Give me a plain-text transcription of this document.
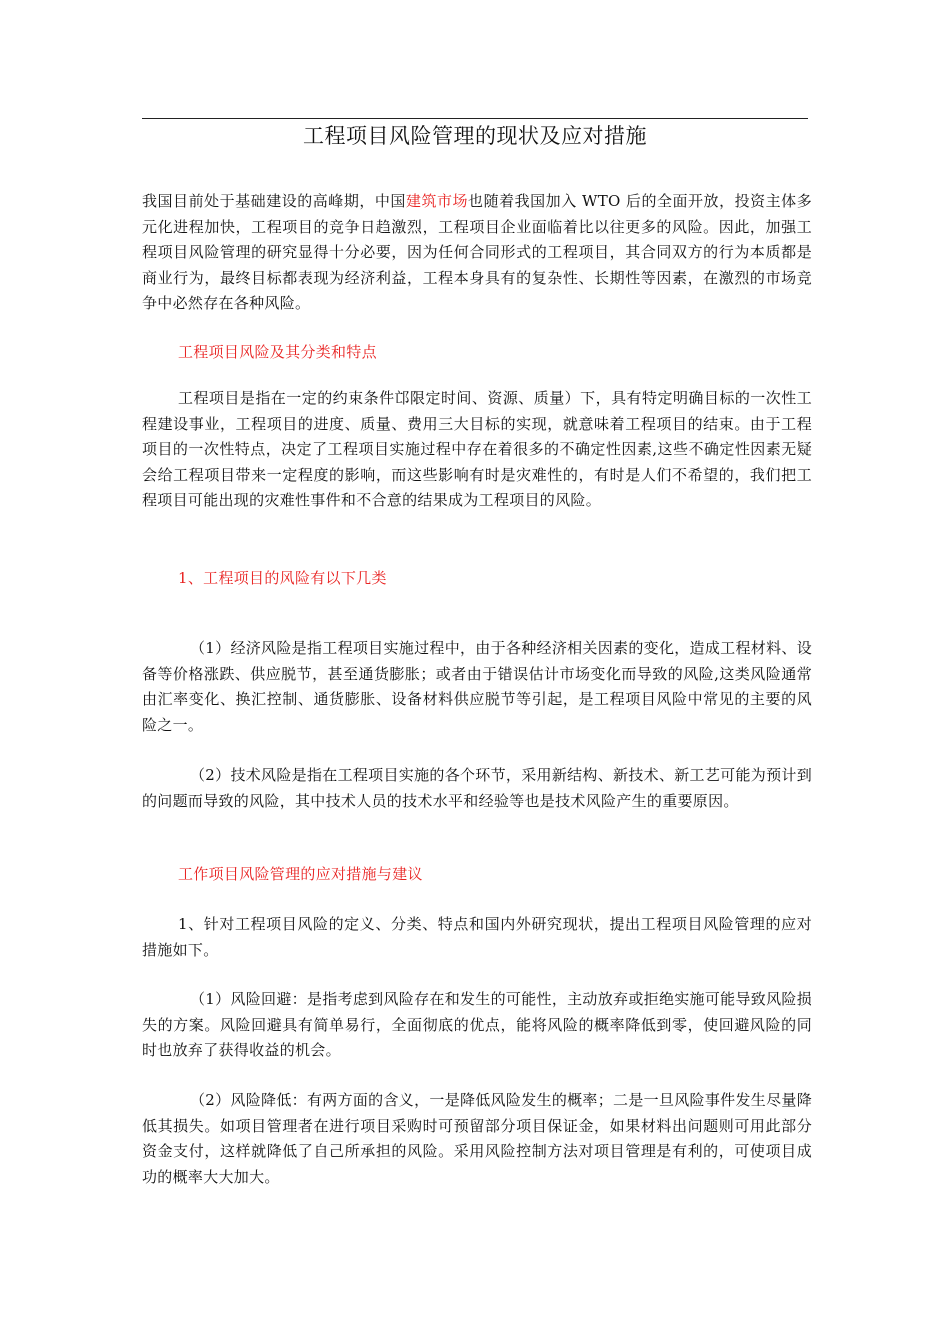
工程项目风险管理的现状及应对措施

我国目前处于基础建设的高峰期，中国建筑市场也随着我国加入 WTO 后的全面开放，投资主体多元化进程加快，工程项目的竞争日趋激烈，工程项目企业面临着比以往更多的风险。因此，加强工程项目风险管理的研究显得十分必要，因为任何合同形式的工程项目，其合同双方的行为本质都是商业行为，最终目标都表现为经济利益，工程本身具有的复杂性、长期性等因素，在激烈的市场竞争中必然存在各种风险。

工程项目风险及其分类和特点

工程项目是指在一定的约束条件邙限定时间、资源、质量）下，具有特定明确目标的一次性工程建设事业，工程项目的进度、质量、费用三大目标的实现，就意味着工程项目的结束。由于工程项目的一次性特点，决定了工程项目实施过程中存在着很多的不确定性因素,这些不确定性因素无疑会给工程项目带来一定程度的影响，而这些影响有时是灾难性的，有时是人们不希望的，我们把工程项目可能出现的灾难性事件和不合意的结果成为工程项目的风险。

1、工程项目的风险有以下几类

（1）经济风险是指工程项目实施过程中，由于各种经济相关因素的变化，造成工程材料、设备等价格涨跌、供应脱节，甚至通货膨胀；或者由于错误估计市场变化而导致的风险,这类风险通常由汇率变化、换汇控制、通货膨胀、设备材料供应脱节等引起，是工程项目风险中常见的主要的风险之一。

（2）技术风险是指在工程项目实施的各个环节，采用新结构、新技术、新工艺可能为预计到的问题而导致的风险，其中技术人员的技术水平和经验等也是技术风险产生的重要原因。

工作项目风险管理的应对措施与建议

1、针对工程项目风险的定义、分类、特点和国内外研究现状，提出工程项目风险管理的应对措施如下。

（1）风险回避：是指考虑到风险存在和发生的可能性，主动放弃或拒绝实施可能导致风险损失的方案。风险回避具有简单易行，全面彻底的优点，能将风险的概率降低到零，使回避风险的同时也放弃了获得收益的机会。

（2）风险降低：有两方面的含义，一是降低风险发生的概率；二是一旦风险事件发生尽量降低其损失。如项目管理者在进行项目采购时可预留部分项目保证金，如果材料出问题则可用此部分资金支付，这样就降低了自己所承担的风险。采用风险控制方法对项目管理是有利的，可使项目成功的概率大大加大。
